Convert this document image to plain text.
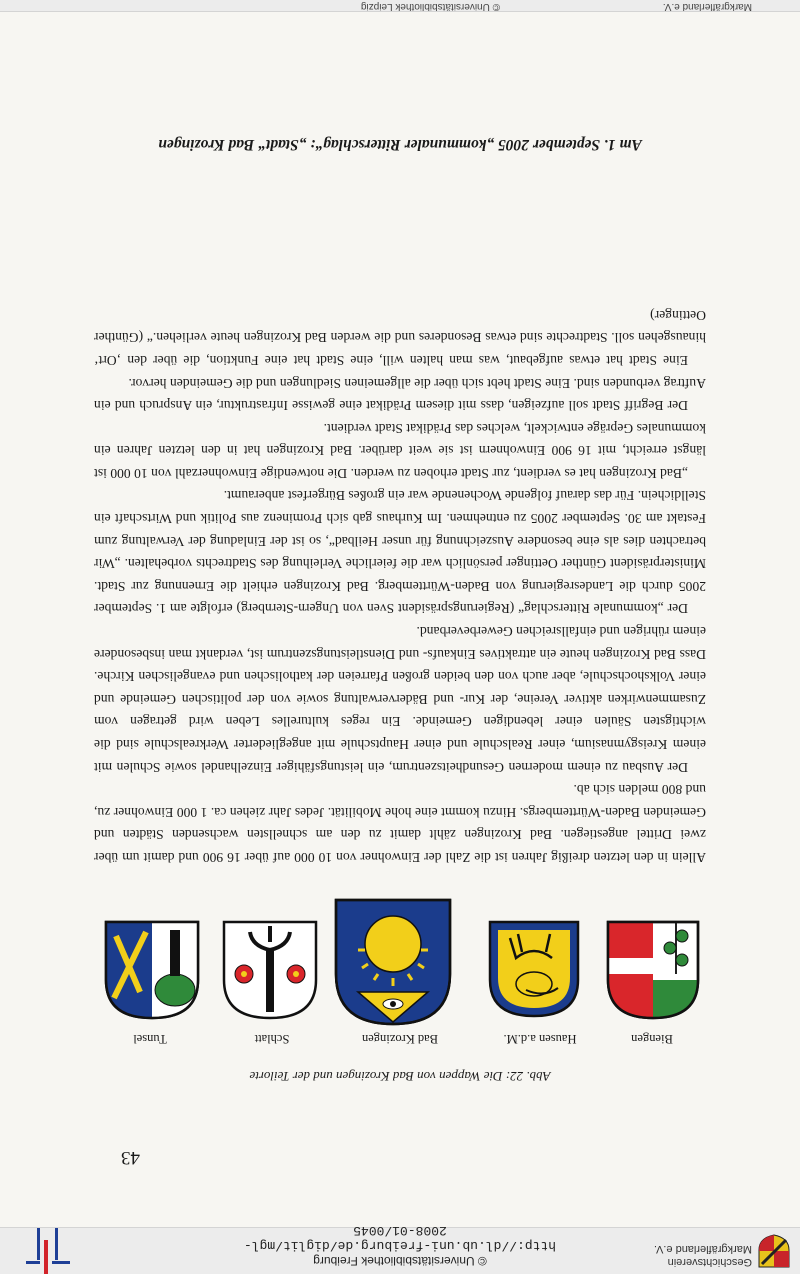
Geschichtsverein
Markgräflerland e.V.
© Universitätsbibliothek Freiburg
http://dl.ub.uni-freiburg.de/diglit/mgl-2008-01/0045
43
Abb. 22: Die Wappen von Bad Krozingen und der Teilorte
Biengen
Hausen a.d.M.
Bad Krozingen
Schlatt
Tunsel

Allein in den letzten dreißig Jahren ist die Zahl der Einwohner von 10 000 auf über 16 900 und damit um über zwei Drittel angestiegen. Bad Krozingen zählt damit zu den am schnellsten wachsenden Städten und Gemeinden Baden-Württembergs. Hinzu kommt eine hohe Mobilität. Jedes Jahr ziehen ca. 1 000 Einwohner zu, und 800 melden sich ab.

Der Ausbau zu einem modernen Gesundheitszentrum, ein leistungsfähiger Einzelhandel sowie Schulen mit einem Kreisgymnasium, einer Realschule und einer Hauptschule mit angegliederter Werkrealschule sind die wichtigsten Säulen einer lebendigen Gemeinde. Ein reges kulturelles Leben wird getragen vom Zusammenwirken aktiver Vereine, der Kur- und Bäderverwaltung sowie von der politischen Gemeinde und einer Volkshochschule, aber auch von den beiden großen Pfarreien der katholischen und evangelischen Kirche. Dass Bad Krozingen heute ein attraktives Einkaufs- und Dienstleistungszentrum ist, verdankt man insbesondere einem rührigen und einfallsreichen Gewerbeverband.

Der „kommunale Ritterschlag“ (Regierungspräsident Sven von Ungern-Sternberg) erfolgte am 1. September 2005 durch die Landesregierung von Baden-Württemberg. Bad Krozingen erhielt die Ernennung zur Stadt. Ministerpräsident Günther Oettinger persönlich war die feierliche Verleihung des Stadtrechts vorbehalten. „Wir betrachten dies als eine besondere Auszeichnung für unser Heilbad“, so ist der Einladung der Verwaltung zum Festakt am 30. September 2005 zu entnehmen. Im Kurhaus gab sich Prominenz aus Politik und Wirtschaft ein Stelldichein. Für das darauf folgende Wochenende war ein großes Bürgerfest anberaumt.

„Bad Krozingen hat es verdient, zur Stadt erhoben zu werden. Die notwendige Einwohnerzahl von 10 000 ist längst erreicht, mit 16 900 Einwohnern ist sie weit darüber. Bad Krozingen hat in den letzten Jahren ein kommunales Gepräge entwickelt, welches das Prädikat Stadt verdient.

Der Begriff Stadt soll aufzeigen, dass mit diesem Prädikat eine gewisse Infrastruktur, ein Anspruch und ein Auftrag verbunden sind. Eine Stadt hebt sich über die allgemeinen Siedlungen und die Gemeinden hervor.

Eine Stadt hat etwas aufgebaut, was man halten will, eine Stadt hat eine Funktion, die über den ‚Ort‘ hinausgehen soll. Stadtrechte sind etwas Besonderes und die werden Bad Krozingen heute verliehen.“ (Günther Oettinger)

Am 1. September 2005 „kommunaler Ritterschlag“: „Stadt“ Bad Krozingen
Markgräflerland e.V.
© Universitätsbibliothek Leipzig
